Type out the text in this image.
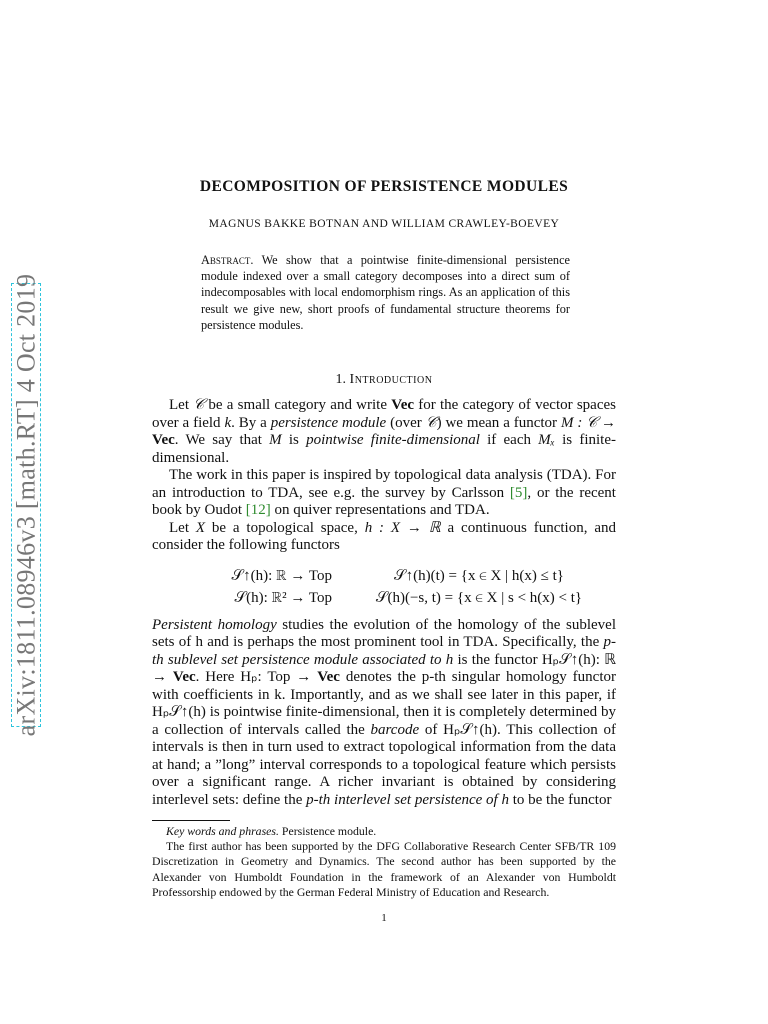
arXiv:1811.08946v3 [math.RT] 4 Oct 2019
DECOMPOSITION OF PERSISTENCE MODULES
MAGNUS BAKKE BOTNAN AND WILLIAM CRAWLEY-BOEVEY
Abstract. We show that a pointwise finite-dimensional persistence module indexed over a small category decomposes into a direct sum of indecomposables with local endomorphism rings. As an application of this result we give new, short proofs of fundamental structure theorems for persistence modules.
1. Introduction

Let 𝒞 be a small category and write Vec for the category of vector spaces over a field k. By a persistence module (over 𝒞) we mean a functor M : 𝒞 → Vec. We say that M is pointwise finite-dimensional if each Mₓ is finite-dimensional.

The work in this paper is inspired by topological data analysis (TDA). For an introduction to TDA, see e.g. the survey by Carlsson [5], or the recent book by Oudot [12] on quiver representations and TDA.

Let X be a topological space, h : X → ℝ a continuous function, and consider the following functors

𝒮↑(h): ℝ → Top	𝒮↑(h)(t) = {x ∈ X | h(x) ≤ t}
𝒮(h): ℝ² → Top	𝒮(h)(−s, t) = {x ∈ X | s < h(x) < t}

Persistent homology studies the evolution of the homology of the sublevel sets of h and is perhaps the most prominent tool in TDA. Specifically, the p-th sublevel set persistence module associated to h is the functor Hₚ𝒮↑(h): ℝ → Vec. Here Hₚ: Top → Vec denotes the p-th singular homology functor with coefficients in k. Importantly, and as we shall see later in this paper, if Hₚ𝒮↑(h) is pointwise finite-dimensional, then it is completely determined by a collection of intervals called the barcode of Hₚ𝒮↑(h). This collection of intervals is then in turn used to extract topological information from the data at hand; a ”long” interval corresponds to a topological feature which persists over a significant range. A richer invariant is obtained by considering interlevel sets: define the p-th interlevel set persistence of h to be the functor

Key words and phrases. Persistence module.

The first author has been supported by the DFG Collaborative Research Center SFB/TR 109 Discretization in Geometry and Dynamics. The second author has been supported by the Alexander von Humboldt Foundation in the framework of an Alexander von Humboldt Professorship endowed by the German Federal Ministry of Education and Research.

1
